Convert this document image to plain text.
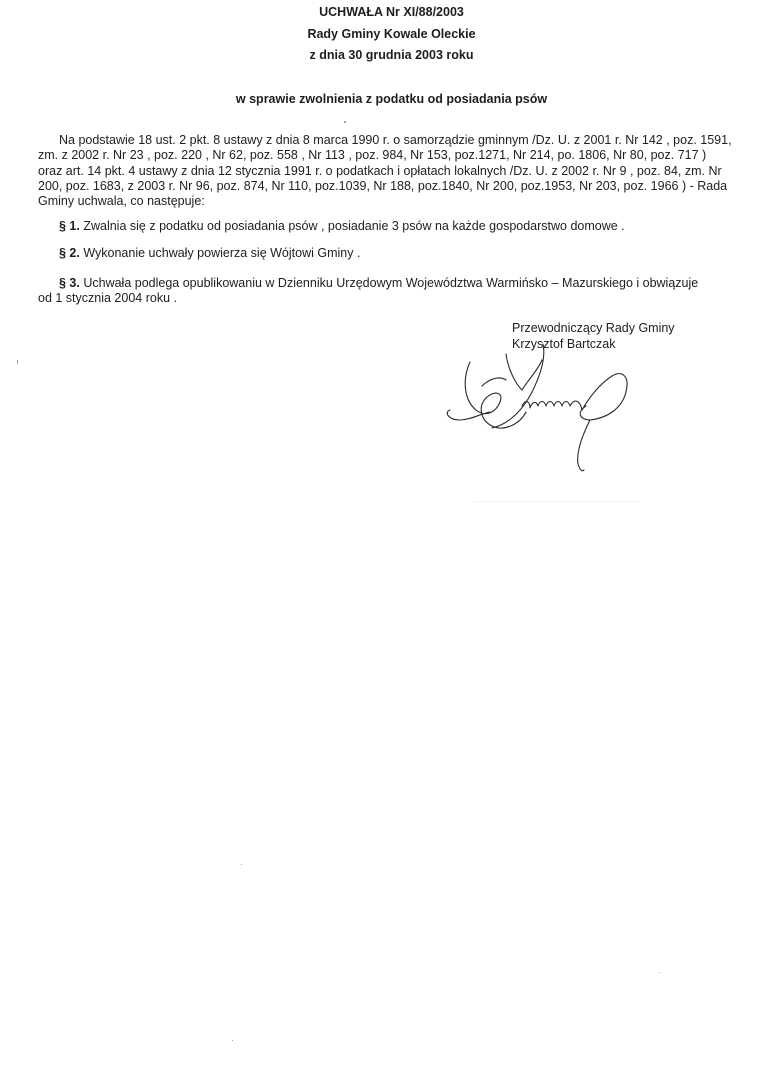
UCHWAŁA Nr XI/88/2003
Rady Gminy Kowale Oleckie
z dnia 30 grudnia 2003 roku
w sprawie zwolnienia z podatku od posiadania psów
Na podstawie 18 ust. 2 pkt. 8 ustawy z dnia 8 marca 1990 r. o samorządzie gminnym /Dz. U. z 2001 r. Nr 142 , poz. 1591,
zm. z 2002 r. Nr 23 , poz. 220 , Nr 62, poz. 558 , Nr 113 , poz. 984, Nr 153, poz.1271, Nr 214, po. 1806, Nr 80, poz. 717 )
oraz art. 14 pkt. 4 ustawy z dnia 12 stycznia 1991 r. o podatkach i opłatach lokalnych /Dz. U. z 2002 r. Nr 9 , poz. 84, zm. Nr
200, poz. 1683, z 2003 r. Nr 96, poz. 874, Nr 110, poz.1039, Nr 188, poz.1840, Nr 200, poz.1953, Nr 203, poz. 1966 ) - Rada
Gminy uchwala, co następuje:
§ 1. Zwalnia się z podatku od posiadania psów , posiadanie 3 psów na każde gospodarstwo domowe .
§ 2. Wykonanie uchwały powierza się Wójtowi Gminy .
§ 3. Uchwała podlega opublikowaniu w Dzienniku Urzędowym Województwa Warmińsko – Mazurskiego i obwiązuje
od 1 stycznia 2004 roku .
Przewodniczący Rady Gminy
Krzysztof Bartczak
